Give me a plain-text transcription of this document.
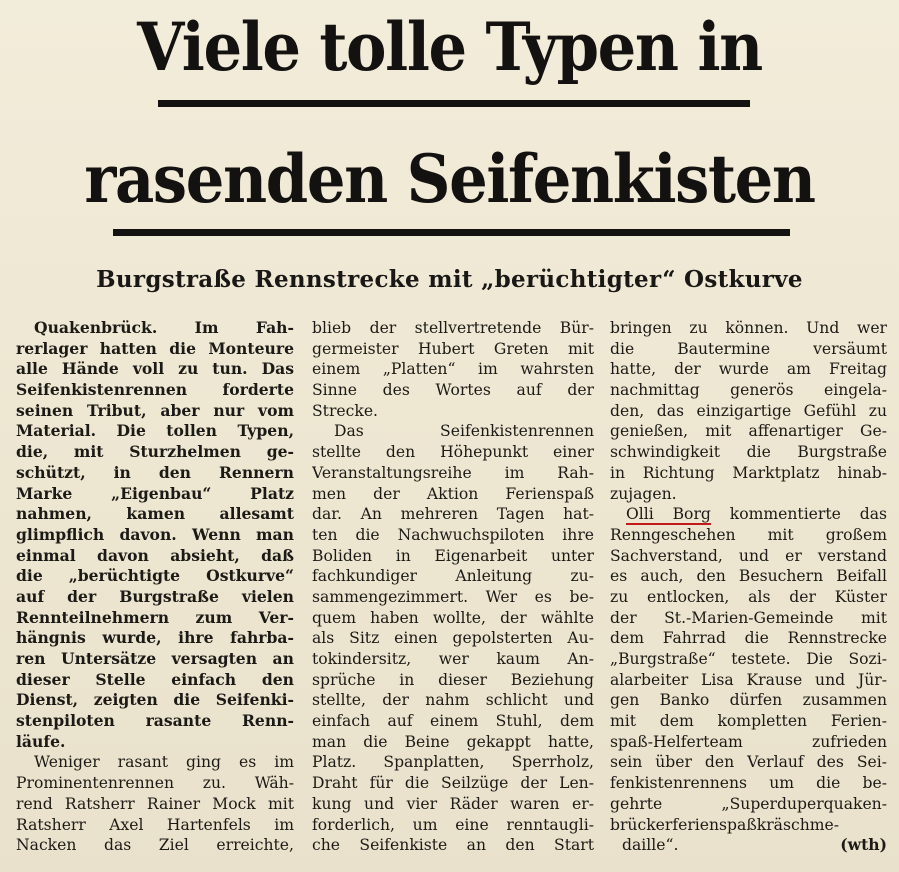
Viele tolle Typen in
rasenden Seifenkisten
Burgstraße Rennstrecke mit „berüchtigter“ Ostkurve
Quakenbrück. Im Fah-
rerlager hatten die Monteure
alle Hände voll zu tun. Das
Seifenkistenrennen forderte
seinen Tribut, aber nur vom
Material. Die tollen Typen,
die, mit Sturzhelmen ge-
schützt, in den Rennern
Marke „Eigenbau“ Platz
nahmen, kamen allesamt
glimpflich davon. Wenn man
einmal davon absieht, daß
die „berüchtigte Ostkurve“
auf der Burgstraße vielen
Rennteilnehmern zum Ver-
hängnis wurde, ihre fahrba-
ren Untersätze versagten an
dieser Stelle einfach den
Dienst, zeigten die Seifenki-
stenpiloten rasante Renn-
läufe.
Weniger rasant ging es im
Prominentenrennen zu. Wäh-
rend Ratsherr Rainer Mock mit
Ratsherr Axel Hartenfels im
Nacken das Ziel erreichte,
blieb der stellvertretende Bür-
germeister Hubert Greten mit
einem „Platten“ im wahrsten
Sinne des Wortes auf der
Strecke.
Das Seifenkistenrennen
stellte den Höhepunkt einer
Veranstaltungsreihe im Rah-
men der Aktion Ferienspaß
dar. An mehreren Tagen hat-
ten die Nachwuchspiloten ihre
Boliden in Eigenarbeit unter
fachkundiger Anleitung zu-
sammengezimmert. Wer es be-
quem haben wollte, der wählte
als Sitz einen gepolsterten Au-
tokindersitz, wer kaum An-
sprüche in dieser Beziehung
stellte, der nahm schlicht und
einfach auf einem Stuhl, dem
man die Beine gekappt hatte,
Platz. Spanplatten, Sperrholz,
Draht für die Seilzüge der Len-
kung und vier Räder waren er-
forderlich, um eine renntaugli-
che Seifenkiste an den Start
bringen zu können. Und wer
die Bautermine versäumt
hatte, der wurde am Freitag
nachmittag generös eingela-
den, das einzigartige Gefühl zu
genießen, mit affenartiger Ge-
schwindigkeit die Burgstraße
in Richtung Marktplatz hinab-
zujagen.
Olli Borg kommentierte das
Renngeschehen mit großem
Sachverstand, und er verstand
es auch, den Besuchern Beifall
zu entlocken, als der Küster
der St.-Marien-Gemeinde mit
dem Fahrrad die Rennstrecke
„Burgstraße“ testete. Die Sozi-
alarbeiter Lisa Krause und Jür-
gen Banko dürfen zusammen
mit dem kompletten Ferien-
spaß-Helferteam zufrieden
sein über den Verlauf des Sei-
fenkistenrennens um die be-
gehrte „Superduperquaken-
brückerferienspaßkräschme-
daille“.	(wth)
